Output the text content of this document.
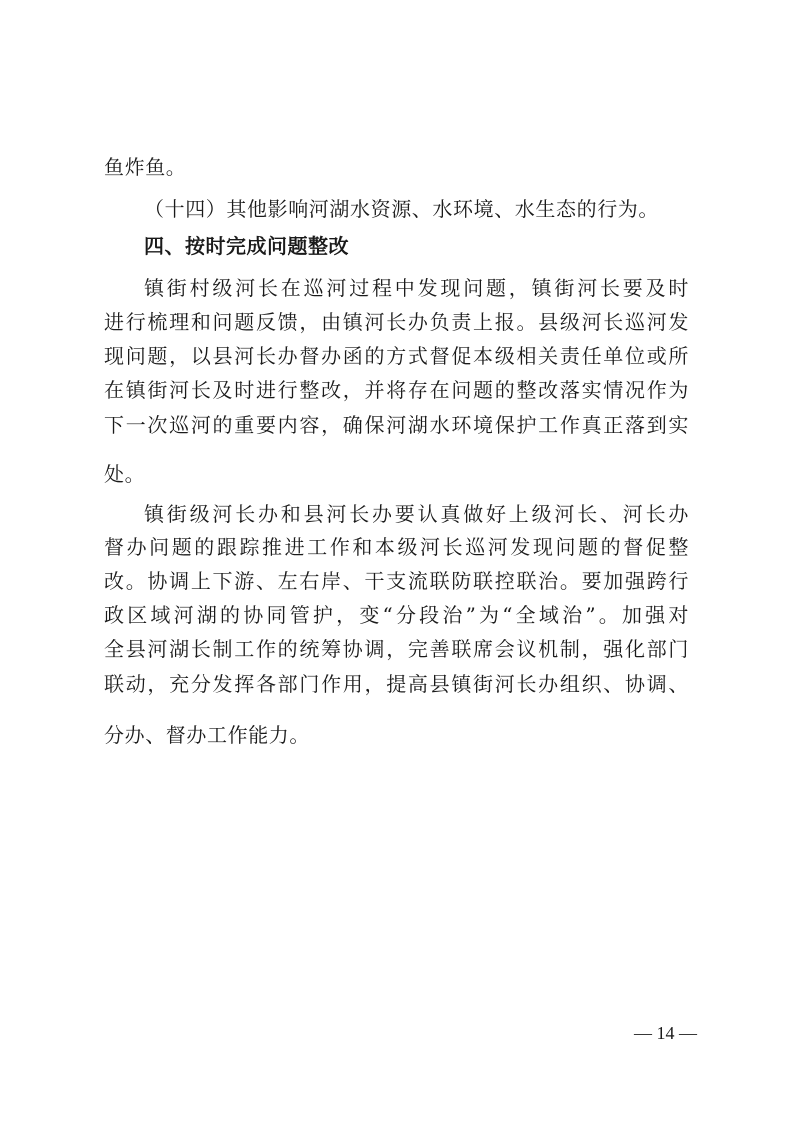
鱼炸鱼。
（十四）其他影响河湖水资源、水环境、水生态的行为。
四、按时完成问题整改
镇街村级河长在巡河过程中发现问题，镇街河长要及时
进行梳理和问题反馈，由镇河长办负责上报。县级河长巡河发
现问题，以县河长办督办函的方式督促本级相关责任单位或所
在镇街河长及时进行整改，并将存在问题的整改落实情况作为
下一次巡河的重要内容，确保河湖水环境保护工作真正落到实
处。
镇街级河长办和县河长办要认真做好上级河长、河长办
督办问题的跟踪推进工作和本级河长巡河发现问题的督促整
改。协调上下游、左右岸、干支流联防联控联治。要加强跨行
政区域河湖的协同管护，变“分段治”为“全域治”。加强对
全县河湖长制工作的统筹协调，完善联席会议机制，强化部门
联动，充分发挥各部门作用，提高县镇街河长办组织、协调、
分办、督办工作能力。
— 14 —
